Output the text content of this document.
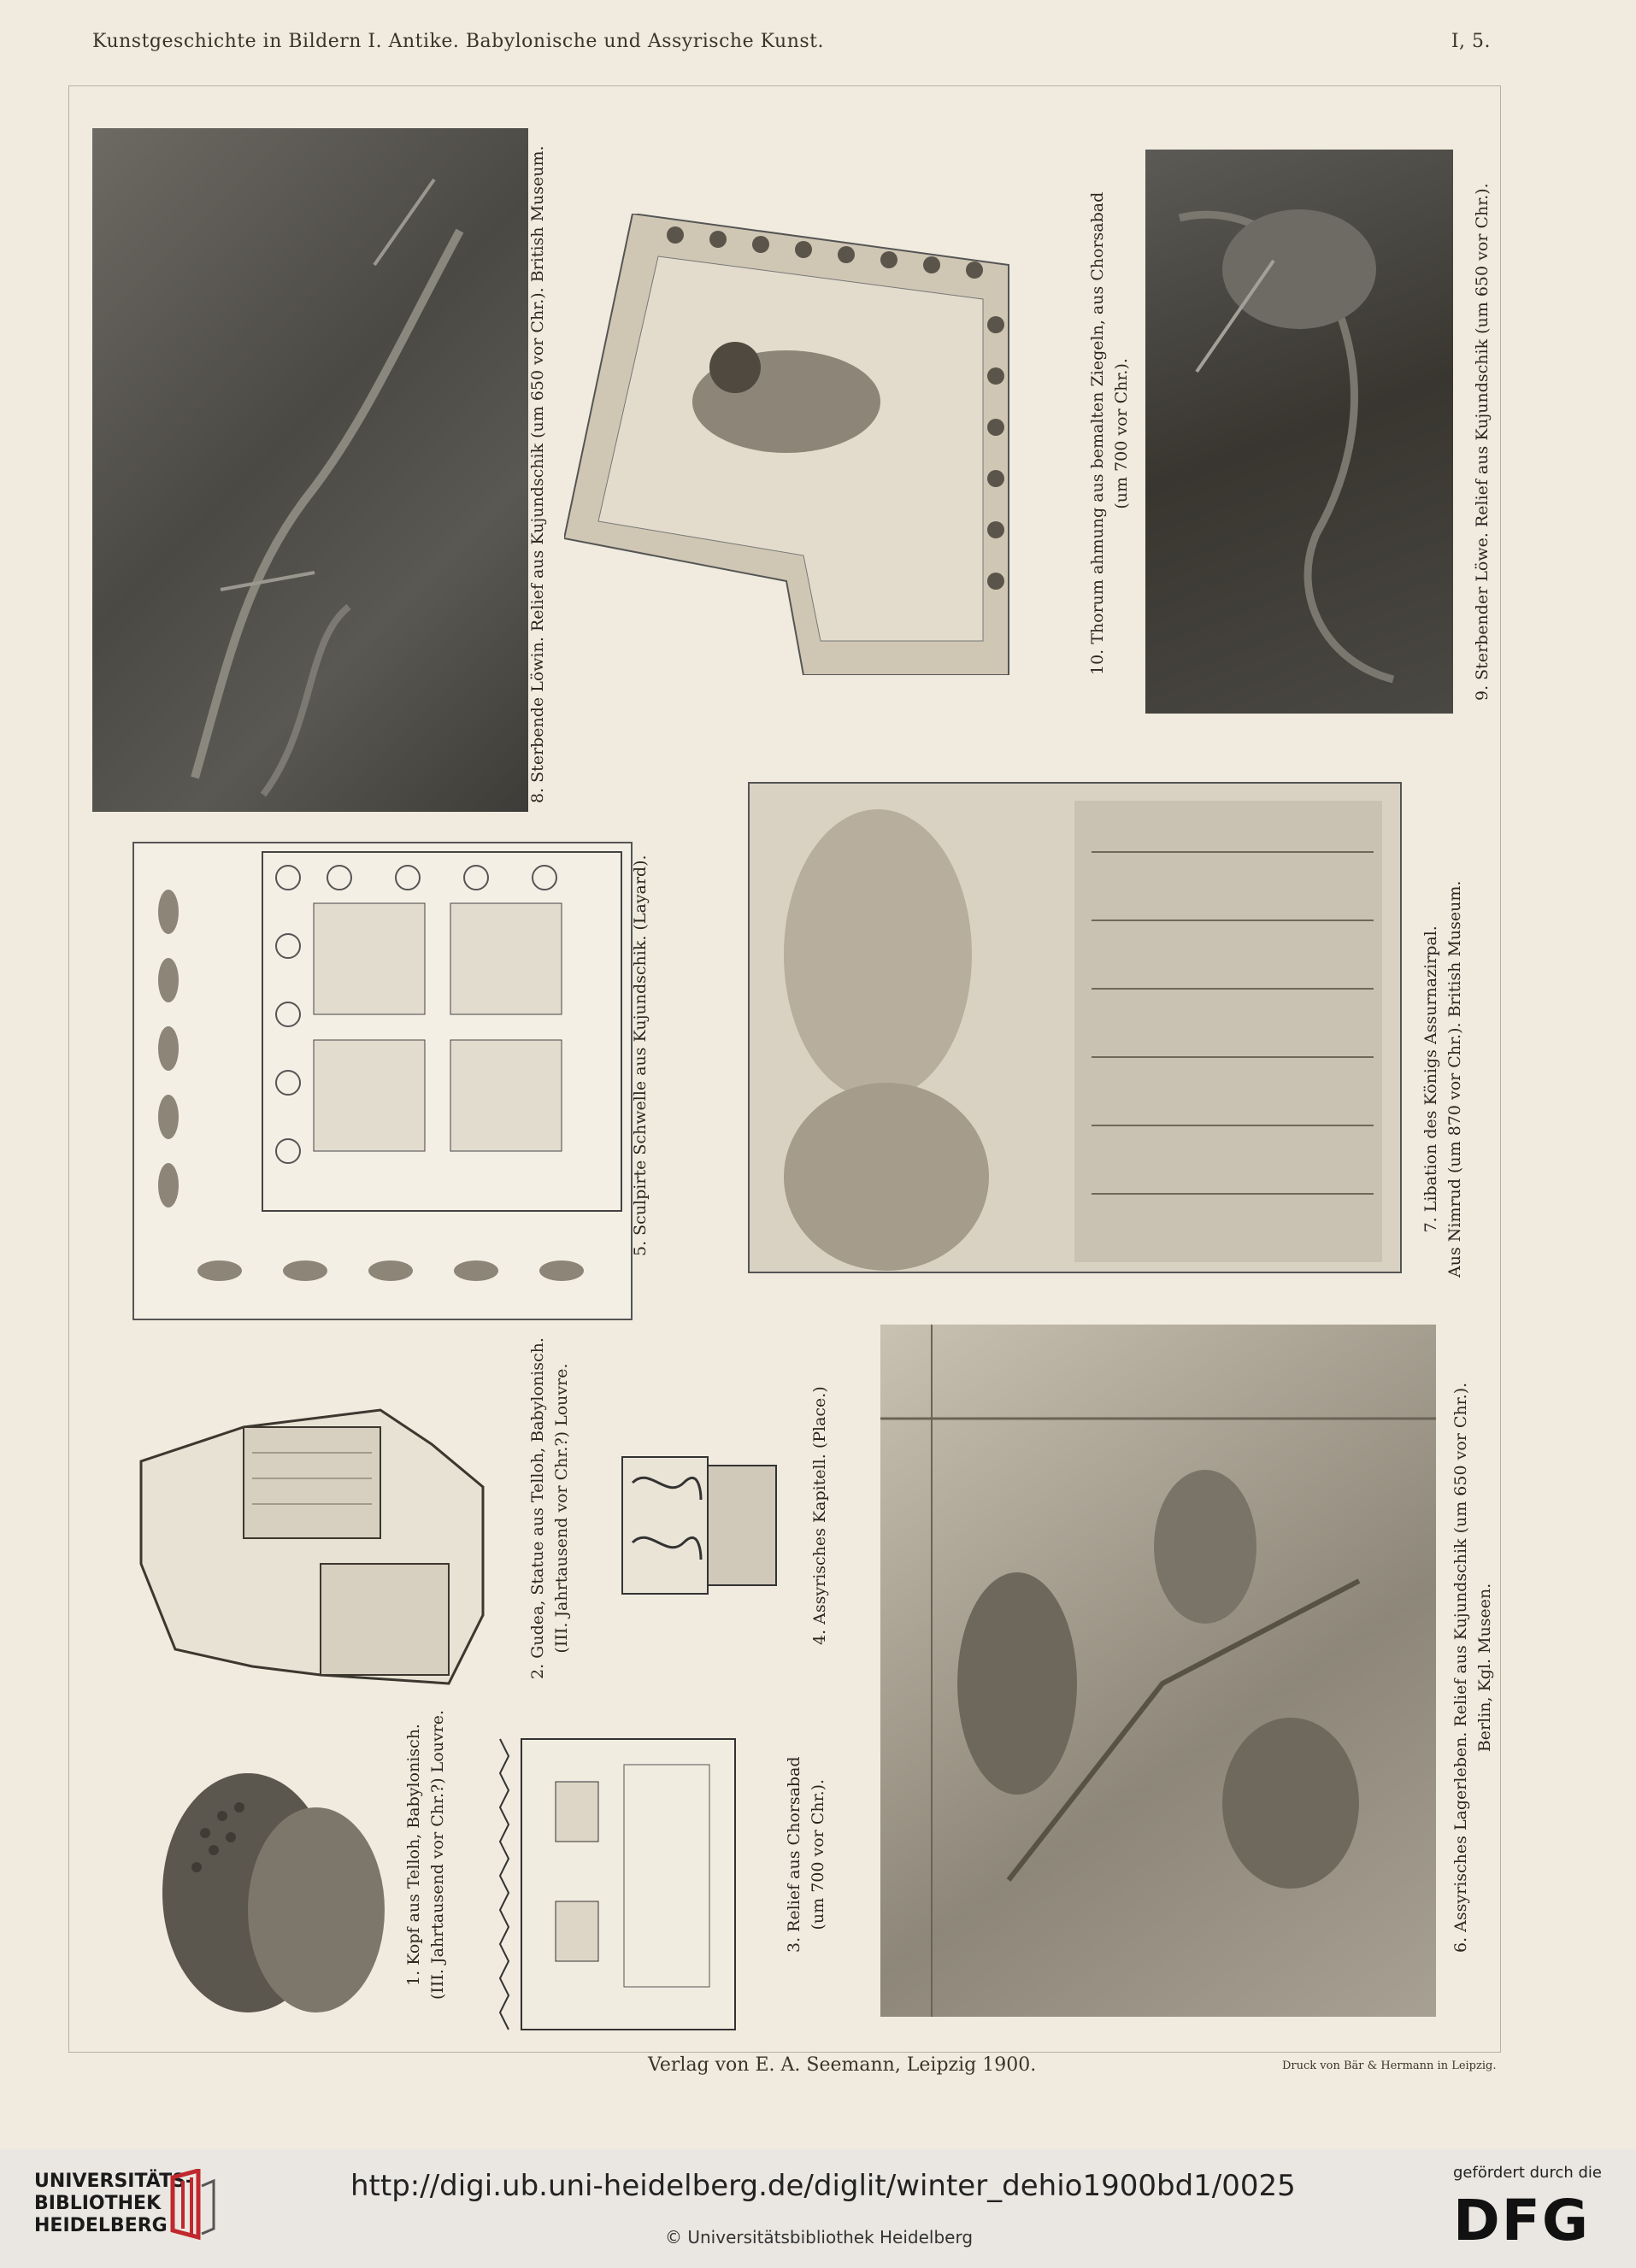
Kunstgeschichte in Bildern I. Antike. Babylonische und Assyrische Kunst.	I, 5.
8. Sterbende Löwin. Relief aus Kujundschik (um 650 vor Chr.). British Museum.	10. Thorum ahmung aus bemalten Ziegeln, aus Chorsabad (um 700 vor Chr.).	9. Sterbender Löwe. Relief aus Kujundschik (um 650 vor Chr.).
5. Sculpirte Schwelle aus Kujundschik. (Layard).	7. Libation des Königs Assurnazirpal. Aus Nimrud (um 870 vor Chr.). British Museum.
2. Gudea, Statue aus Telloh, Babylonisch. (III. Jahrtausend vor Chr.?) Louvre.	4. Assyrisches Kapitell. (Place.)
1. Kopf aus Telloh, Babylonisch. (III. Jahrtausend vor Chr.?) Louvre.	3. Relief aus Chorsabad (um 700 vor Chr.).	6. Assyrisches Lagerleben. Relief aus Kujundschik (um 650 vor Chr.). Berlin, Kgl. Museen.
Verlag von E. A. Seemann, Leipzig 1900.	Druck von Bär & Hermann in Leipzig.
UNIVERSITÄTS-
BIBLIOTHEK
HEIDELBERG
http://digi.ub.uni-heidelberg.de/diglit/winter_dehio1900bd1/0025
© Universitätsbibliothek Heidelberg
gefördert durch die
DFG
